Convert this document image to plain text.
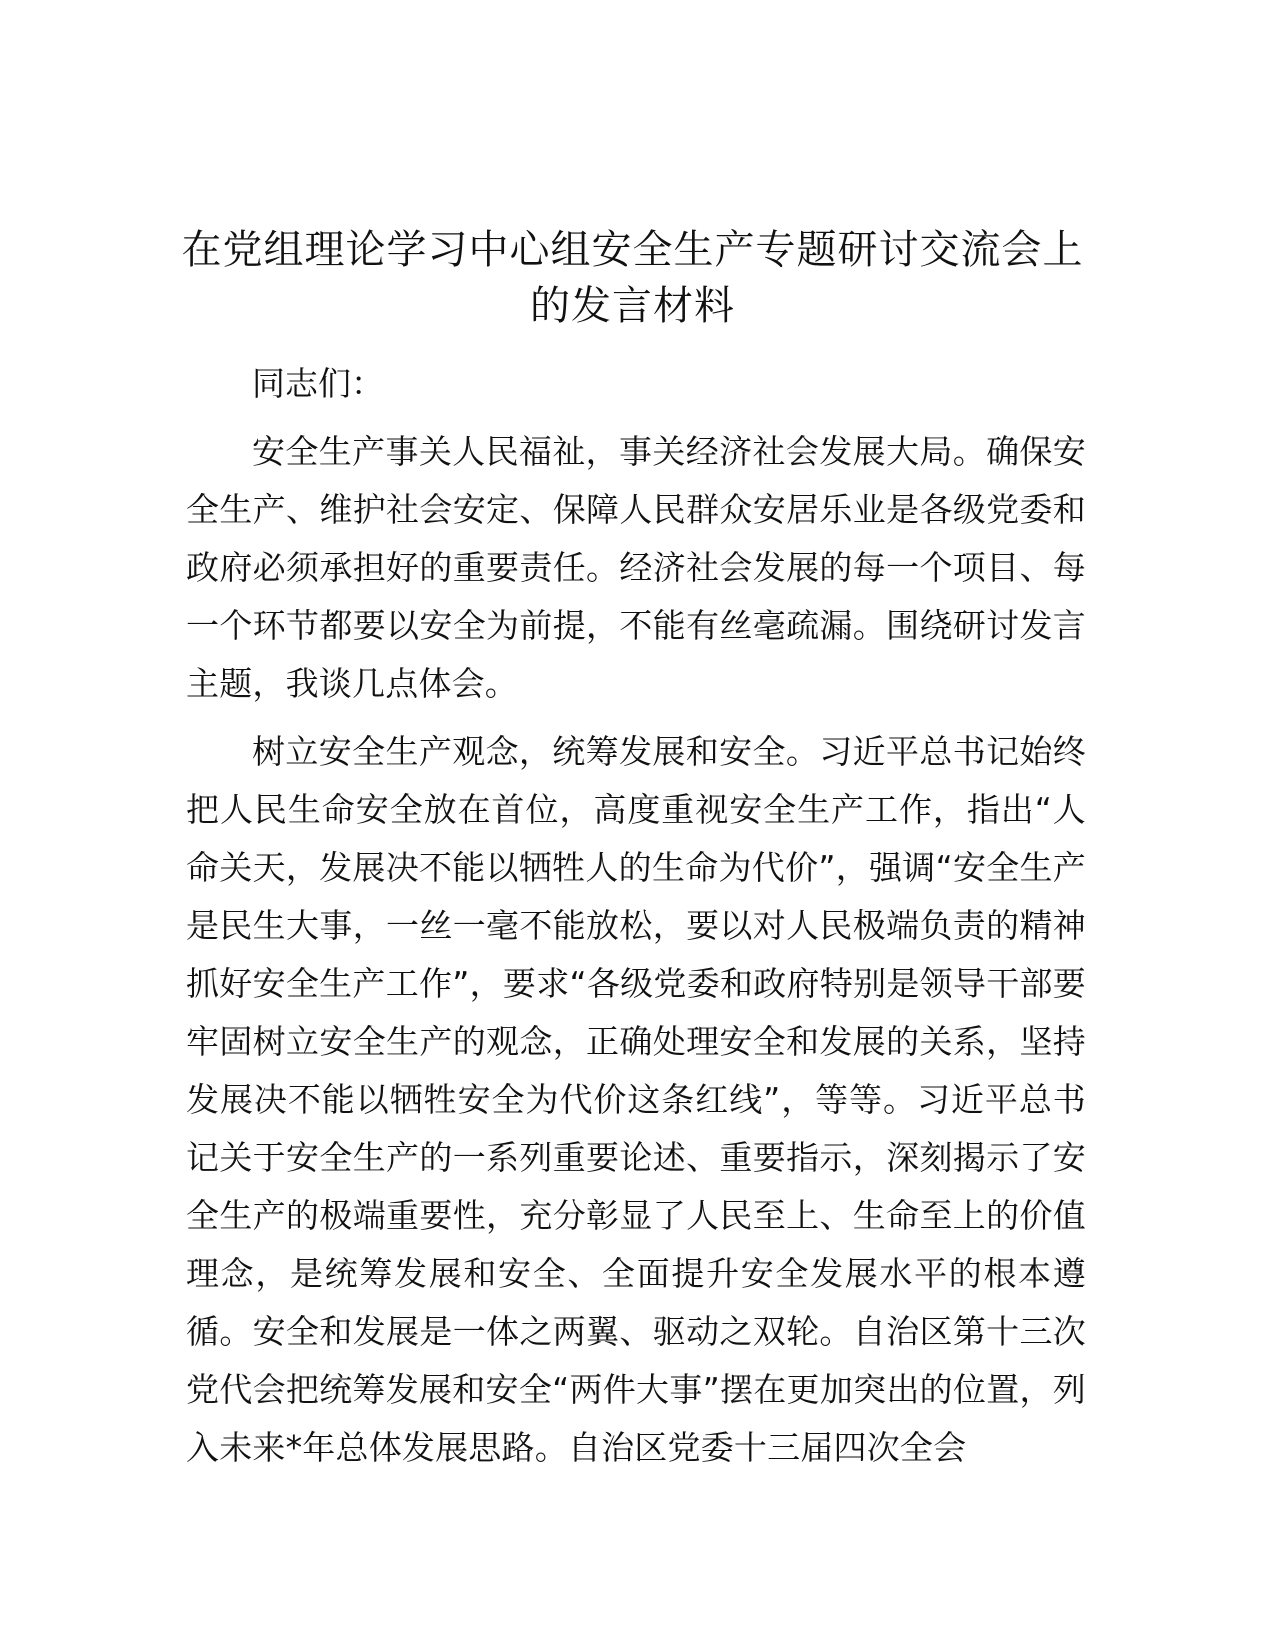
在党组理论学习中心组安全生产专题研讨交流会上的发言材料

同志们：

安全生产事关人民福祉，事关经济社会发展大局。确保安全生产、维护社会安定、保障人民群众安居乐业是各级党委和政府必须承担好的重要责任。经济社会发展的每一个项目、每一个环节都要以安全为前提，不能有丝毫疏漏。围绕研讨发言主题，我谈几点体会。

树立安全生产观念，统筹发展和安全。习近平总书记始终把人民生命安全放在首位，高度重视安全生产工作，指出“人命关天，发展决不能以牺牲人的生命为代价”，强调“安全生产是民生大事，一丝一毫不能放松，要以对人民极端负责的精神抓好安全生产工作”，要求“各级党委和政府特别是领导干部要牢固树立安全生产的观念，正确处理安全和发展的关系，坚持发展决不能以牺牲安全为代价这条红线”，等等。习近平总书记关于安全生产的一系列重要论述、重要指示，深刻揭示了安全生产的极端重要性，充分彰显了人民至上、生命至上的价值理念，是统筹发展和安全、全面提升安全发展水平的根本遵循。安全和发展是一体之两翼、驱动之双轮。自治区第十三次党代会把统筹发展和安全“两件大事”摆在更加突出的位置，列入未来*年总体发展思路。自治区党委十三届四次全会
